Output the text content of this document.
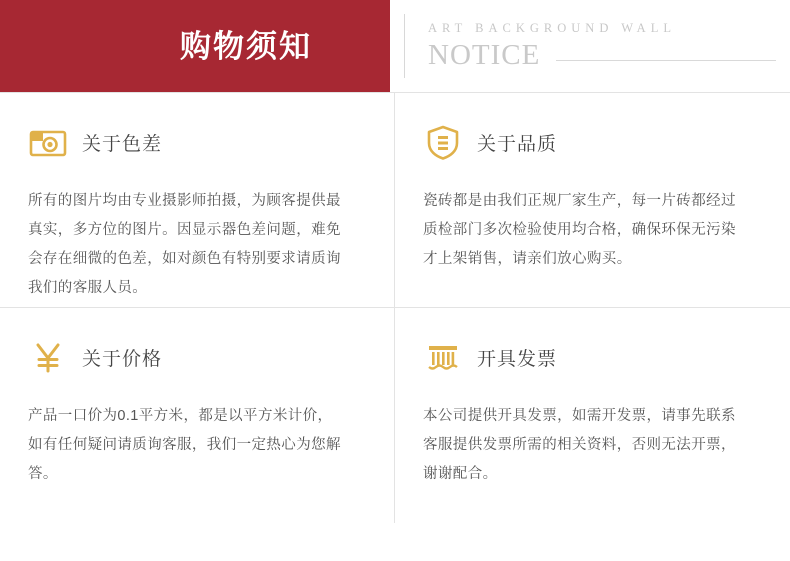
购物须知
ART BACKGROUND WALL
NOTICE
关于色差
所有的图片均由专业摄影师拍摄，为顾客提供最真实，多方位的图片。因显示器色差问题，难免会存在细微的色差，如对颜色有特别要求请质询我们的客服人员。
关于品质
瓷砖都是由我们正规厂家生产，每一片砖都经过质检部门多次检验使用均合格，确保环保无污染才上架销售，请亲们放心购买。
关于价格
产品一口价为0.1平方米，都是以平方米计价，如有任何疑问请质询客服，我们一定热心为您解答。
开具发票
本公司提供开具发票，如需开发票，请事先联系客服提供发票所需的相关资料，否则无法开票，谢谢配合。
